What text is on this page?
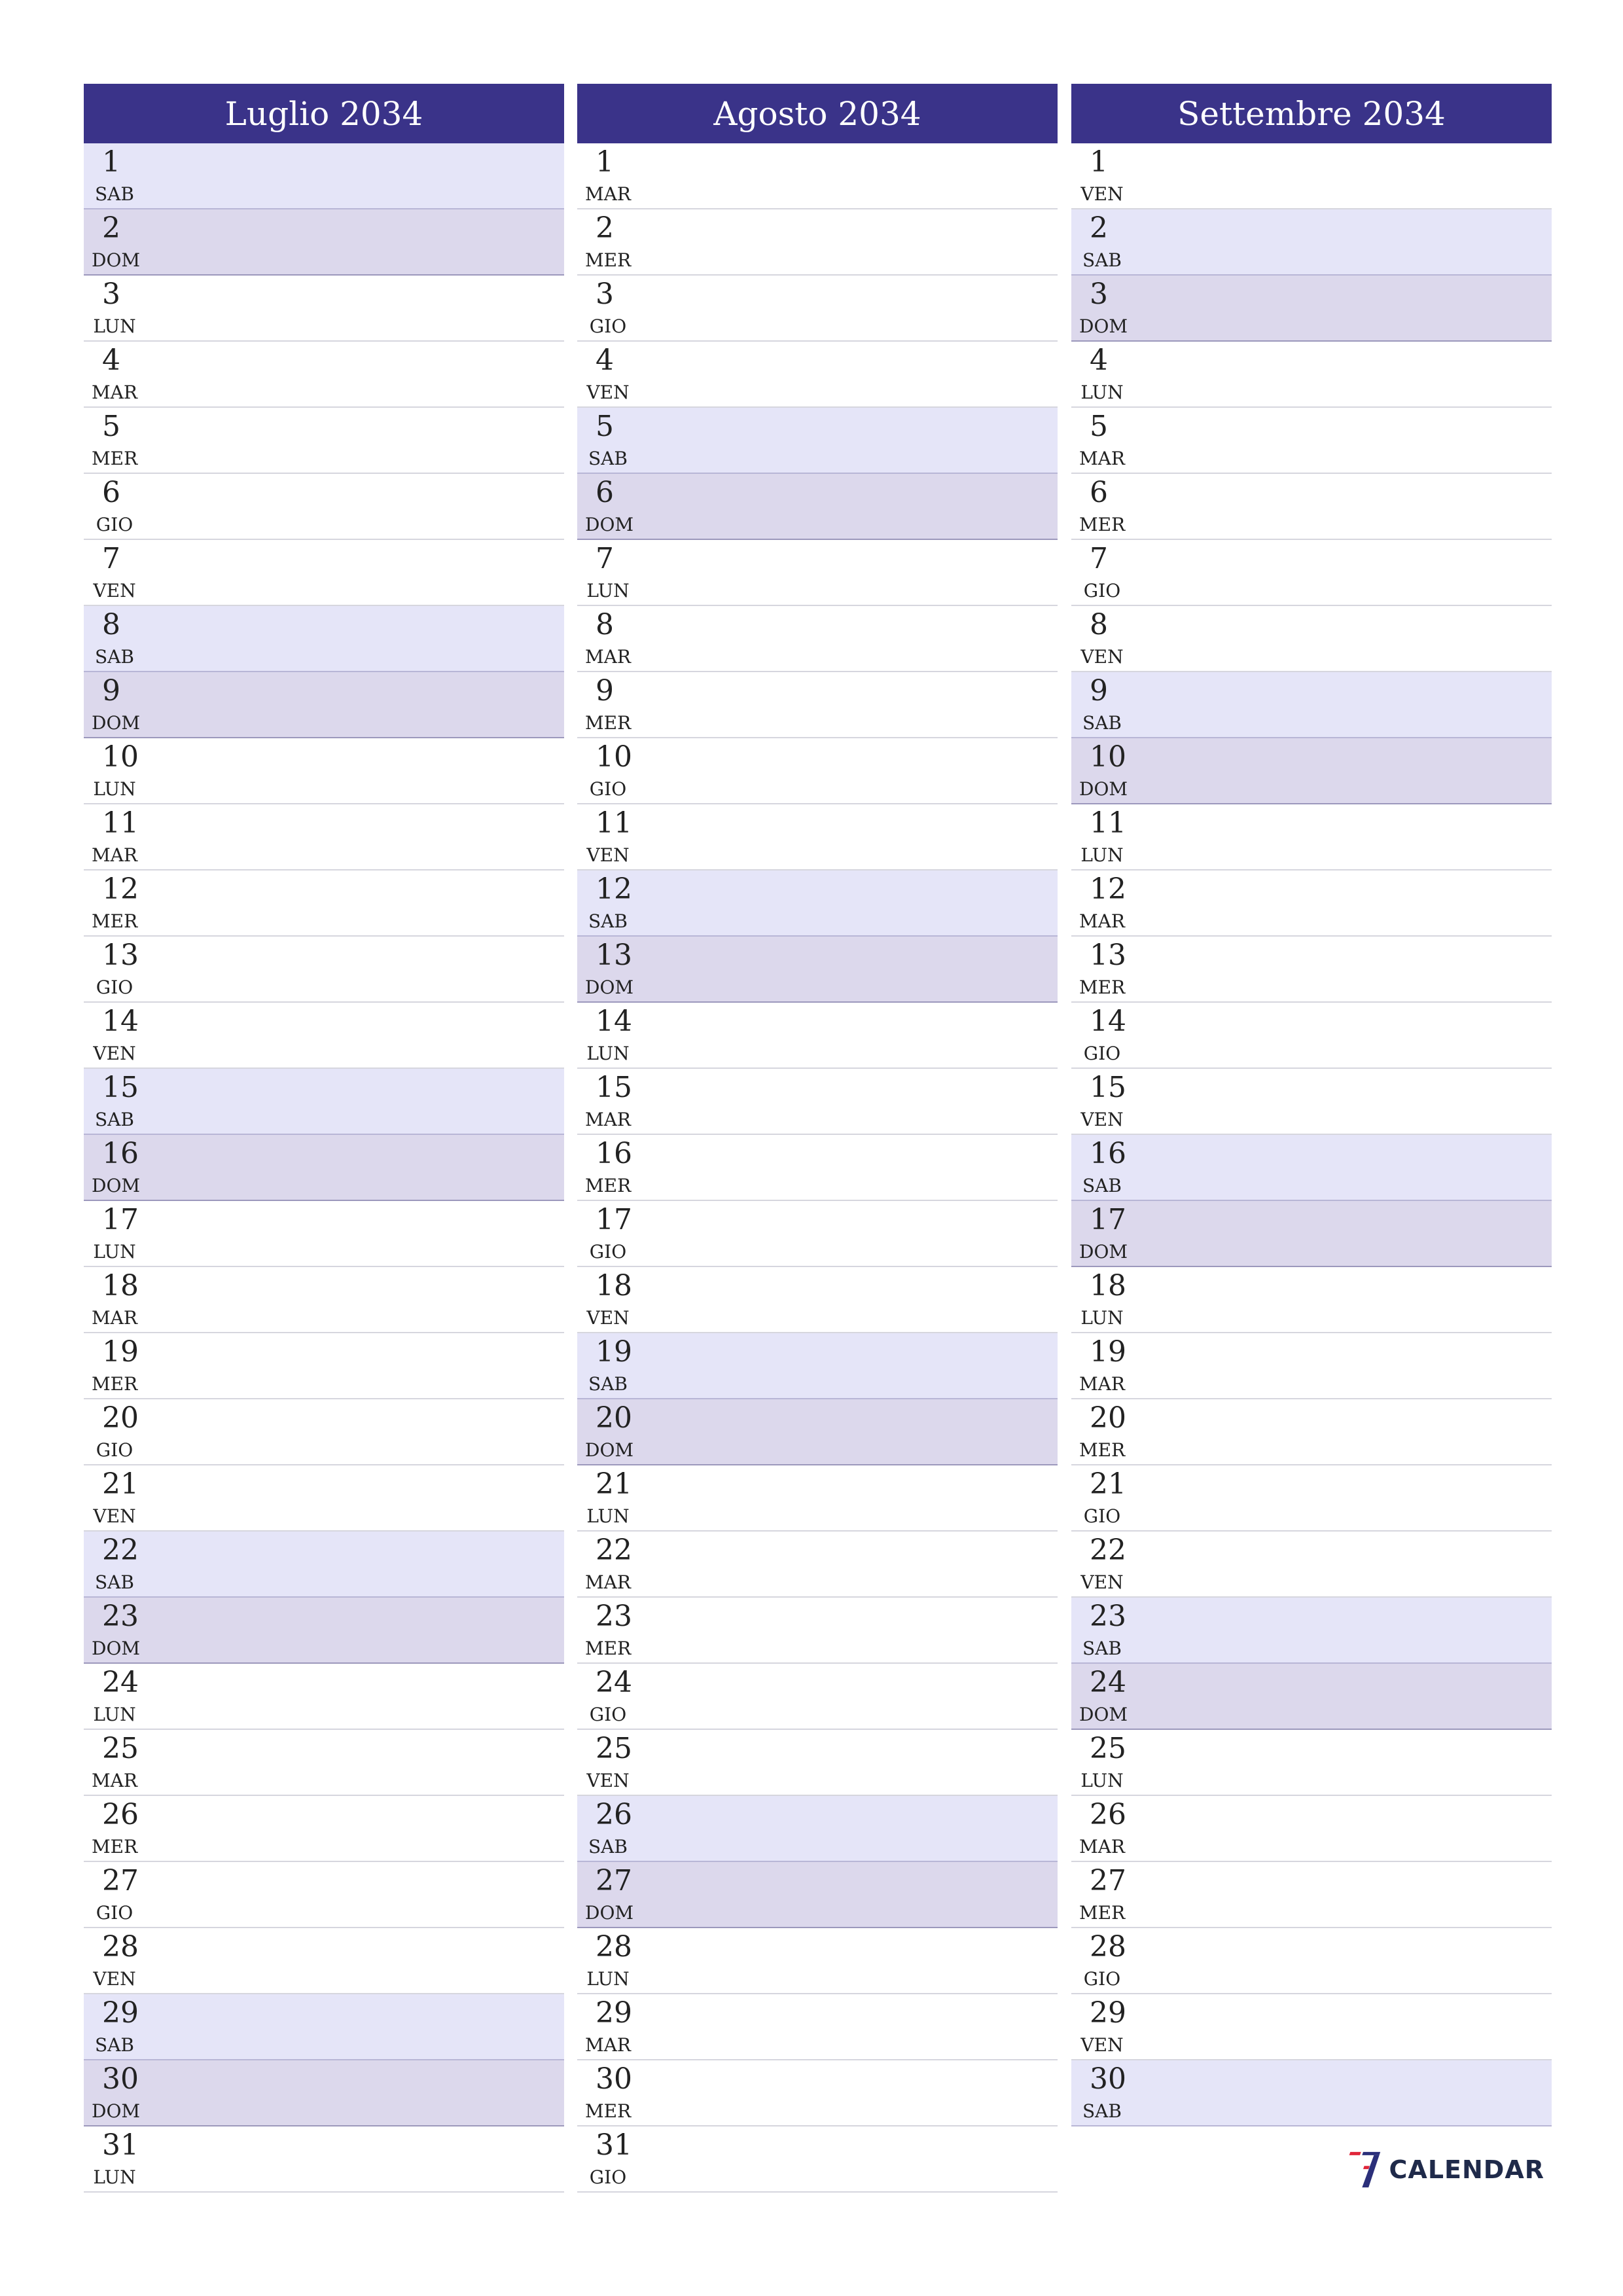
Luglio 2034
1
SAB
2
DOM
3
LUN
4
MAR
5
MER
6
GIO
7
VEN
8
SAB
9
DOM
10
LUN
11
MAR
12
MER
13
GIO
14
VEN
15
SAB
16
DOM
17
LUN
18
MAR
19
MER
20
GIO
21
VEN
22
SAB
23
DOM
24
LUN
25
MAR
26
MER
27
GIO
28
VEN
29
SAB
30
DOM
31
LUN
Agosto 2034
1
MAR
2
MER
3
GIO
4
VEN
5
SAB
6
DOM
7
LUN
8
MAR
9
MER
10
GIO
11
VEN
12
SAB
13
DOM
14
LUN
15
MAR
16
MER
17
GIO
18
VEN
19
SAB
20
DOM
21
LUN
22
MAR
23
MER
24
GIO
25
VEN
26
SAB
27
DOM
28
LUN
29
MAR
30
MER
31
GIO
Settembre 2034
1
VEN
2
SAB
3
DOM
4
LUN
5
MAR
6
MER
7
GIO
8
VEN
9
SAB
10
DOM
11
LUN
12
MAR
13
MER
14
GIO
15
VEN
16
SAB
17
DOM
18
LUN
19
MAR
20
MER
21
GIO
22
VEN
23
SAB
24
DOM
25
LUN
26
MAR
27
MER
28
GIO
29
VEN
30
SAB
CALENDAR
